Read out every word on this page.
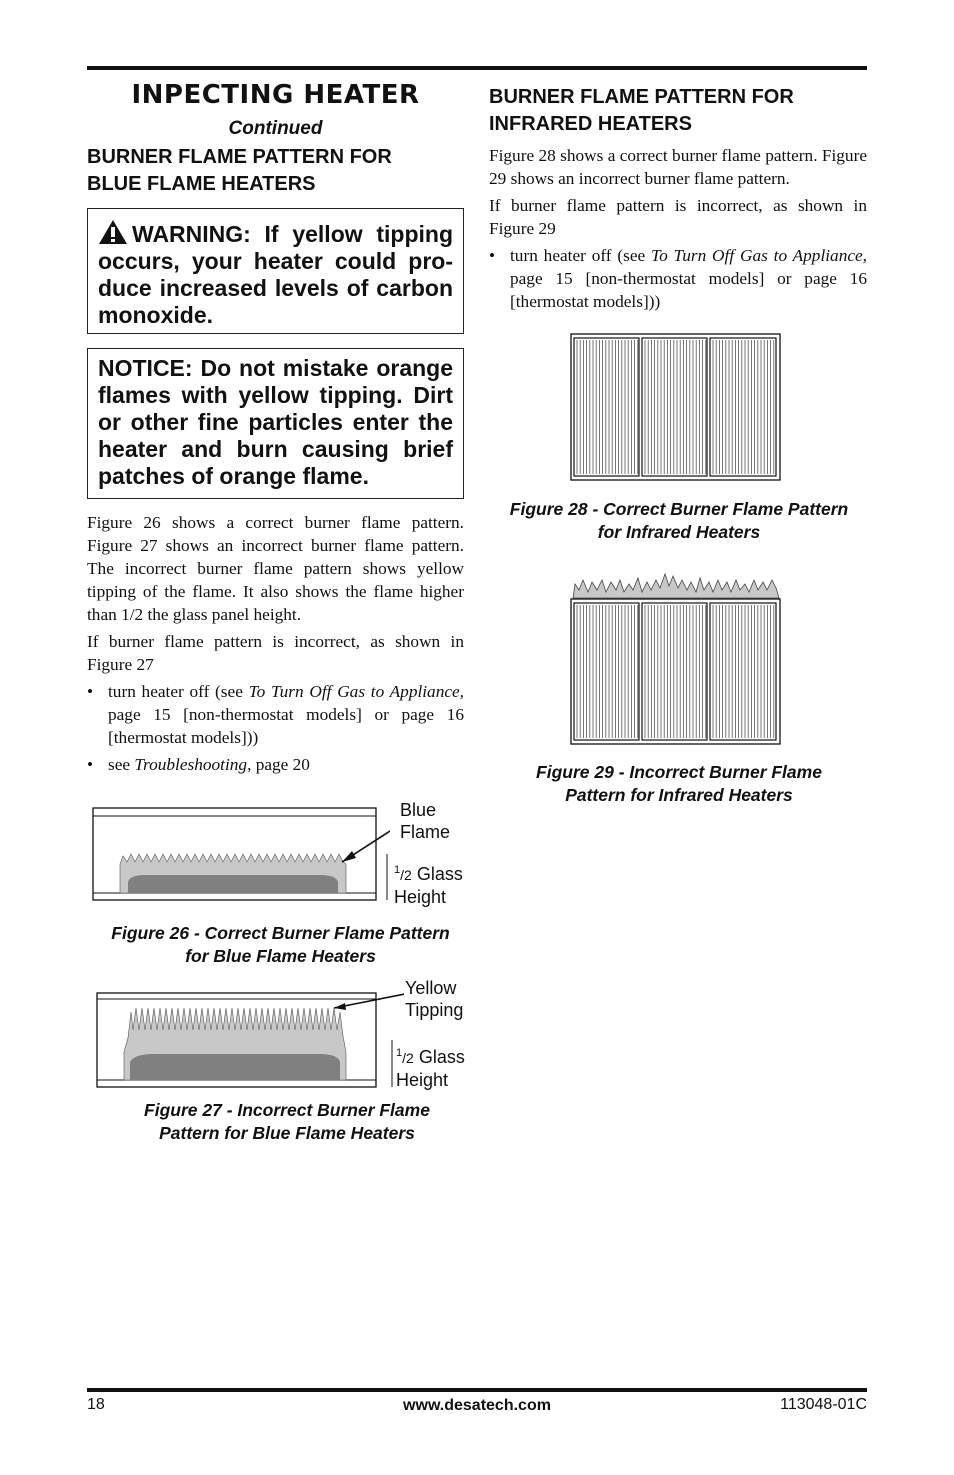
INPECTING HEATER
Continued
BURNER FLAME PATTERN FOR
BLUE FLAME HEATERS
WARNING: If yellow tipping occurs, your heater could pro-duce increased levels of carbon monoxide.
NOTICE: Do not mistake orange flames with yellow tipping. Dirt or other fine particles enter the heater and burn causing brief patches of orange flame.

Figure 26 shows a correct burner flame pattern. Figure 27 shows an incorrect burner flame pattern. The incorrect burner flame pattern shows yellow tipping of the flame. It also shows the flame higher than 1/2 the glass panel height.

If burner flame pattern is incorrect, as shown in Figure 27

• turn heater off (see To Turn Off Gas to Appliance, page 15 [non-thermostat models] or page 16 [thermostat models]))
• see Troubleshooting, page 20
Blue
Flame
$^1$/2 Glass
Height
Figure 26 - Correct Burner Flame Pattern
for Blue Flame Heaters
Yellow
Tipping
$^1$/2 Glass
Height
Figure 27 - Incorrect Burner Flame
Pattern for Blue Flame Heaters
BURNER FLAME PATTERN FOR
INFRARED HEATERS

Figure 28 shows a correct burner flame pattern. Figure 29 shows an incorrect burner flame pattern.

If burner flame pattern is incorrect, as shown in Figure 29

• turn heater off (see To Turn Off Gas to Appliance, page 15 [non-thermostat models] or page 16 [thermostat models]))
Figure 28 - Correct Burner Flame Pattern
for Infrared Heaters
Figure 29 - Incorrect Burner Flame
Pattern for Infrared Heaters
18	www.desatech.com	113048-01C
